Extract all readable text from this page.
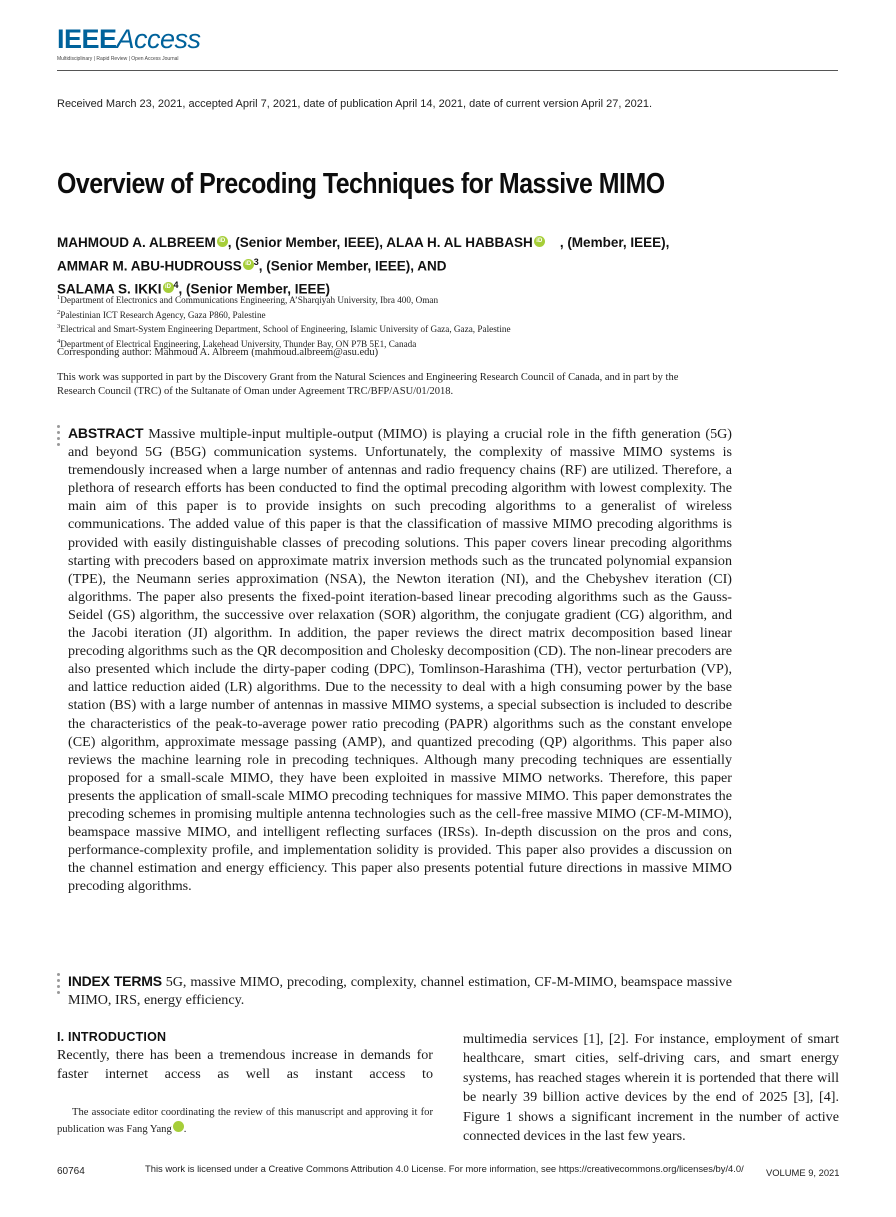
IEEEAccess
Multidisciplinary | Rapid Review | Open Access Journal
Received March 23, 2021, accepted April 7, 2021, date of publication April 14, 2021, date of current version April 27, 2021.
Overview of Precoding Techniques for Massive MIMO
MAHMOUD A. ALBREEM iD , (Senior Member, IEEE), ALAA H. AL HABBASH iD , (Member, IEEE),
AMMAR M. ABU-HUDROUSS iD $^3$, (Senior Member, IEEE), AND
SALAMA S. IKKI iD $^4$, (Senior Member, IEEE)
$^1$Department of Electronics and Communications Engineering, A’Sharqiyah University, Ibra 400, Oman
$^2$Palestinian ICT Research Agency, Gaza P860, Palestine
$^3$Electrical and Smart-System Engineering Department, School of Engineering, Islamic University of Gaza, Gaza, Palestine
$^4$Department of Electrical Engineering, Lakehead University, Thunder Bay, ON P7B 5E1, Canada
Corresponding author: Mahmoud A. Albreem (mahmoud.albreem@asu.edu)
This work was supported in part by the Discovery Grant from the Natural Sciences and Engineering Research Council of Canada, and in part by the Research Council (TRC) of the Sultanate of Oman under Agreement TRC/BFP/ASU/01/2018.
ABSTRACT Massive multiple-input multiple-output (MIMO) is playing a crucial role in the fifth generation (5G) and beyond 5G (B5G) communication systems. Unfortunately, the complexity of massive MIMO systems is tremendously increased when a large number of antennas and radio frequency chains (RF) are utilized. Therefore, a plethora of research efforts has been conducted to find the optimal precoding algorithm with lowest complexity. The main aim of this paper is to provide insights on such precoding algorithms to a generalist of wireless communications. The added value of this paper is that the classification of massive MIMO precoding algorithms is provided with easily distinguishable classes of precoding solutions. This paper covers linear precoding algorithms starting with precoders based on approximate matrix inversion methods such as the truncated polynomial expansion (TPE), the Neumann series approximation (NSA), the Newton iteration (NI), and the Chebyshev iteration (CI) algorithms. The paper also presents the fixed-point iteration-based linear precoding algorithms such as the Gauss-Seidel (GS) algorithm, the successive over relaxation (SOR) algorithm, the conjugate gradient (CG) algorithm, and the Jacobi iteration (JI) algorithm. In addition, the paper reviews the direct matrix decomposition based linear precoding algorithms such as the QR decomposition and Cholesky decomposition (CD). The non-linear precoders are also presented which include the dirty-paper coding (DPC), Tomlinson-Harashima (TH), vector perturbation (VP), and lattice reduction aided (LR) algorithms. Due to the necessity to deal with a high consuming power by the base station (BS) with a large number of antennas in massive MIMO systems, a special subsection is included to describe the characteristics of the peak-to-average power ratio precoding (PAPR) algorithms such as the constant envelope (CE) algorithm, approximate message passing (AMP), and quantized precoding (QP) algorithms. This paper also reviews the machine learning role in precoding techniques. Although many precoding techniques are essentially proposed for a small-scale MIMO, they have been exploited in massive MIMO networks. Therefore, this paper presents the application of small-scale MIMO precoding techniques for massive MIMO. This paper demonstrates the precoding schemes in promising multiple antenna technologies such as the cell-free massive MIMO (CF-M-MIMO), beamspace massive MIMO, and intelligent reflecting surfaces (IRSs). In-depth discussion on the pros and cons, performance-complexity profile, and implementation solidity is provided. This paper also provides a discussion on the channel estimation and energy efficiency. This paper also presents potential future directions in massive MIMO precoding algorithms.
INDEX TERMS 5G, massive MIMO, precoding, complexity, channel estimation, CF-M-MIMO, beamspace massive MIMO, IRS, energy efficiency.
I. INTRODUCTION
Recently, there has been a tremendous increase in demands for faster internet access as well as instant access to
The associate editor coordinating the review of this manuscript and approving it for publication was Fang Yang	iD.
multimedia services [1], [2]. For instance, employment of smart healthcare, smart cities, self-driving cars, and smart energy systems, has reached stages wherein it is portended that there will be nearly 39 billion active devices by the end of 2025 [3], [4]. Figure 1 shows a significant increment in the number of active connected devices in the last few years.
60764	This work is licensed under a Creative Commons Attribution 4.0 License. For more information, see https://creativecommons.org/licenses/by/4.0/ VOLUME 9, 2021
